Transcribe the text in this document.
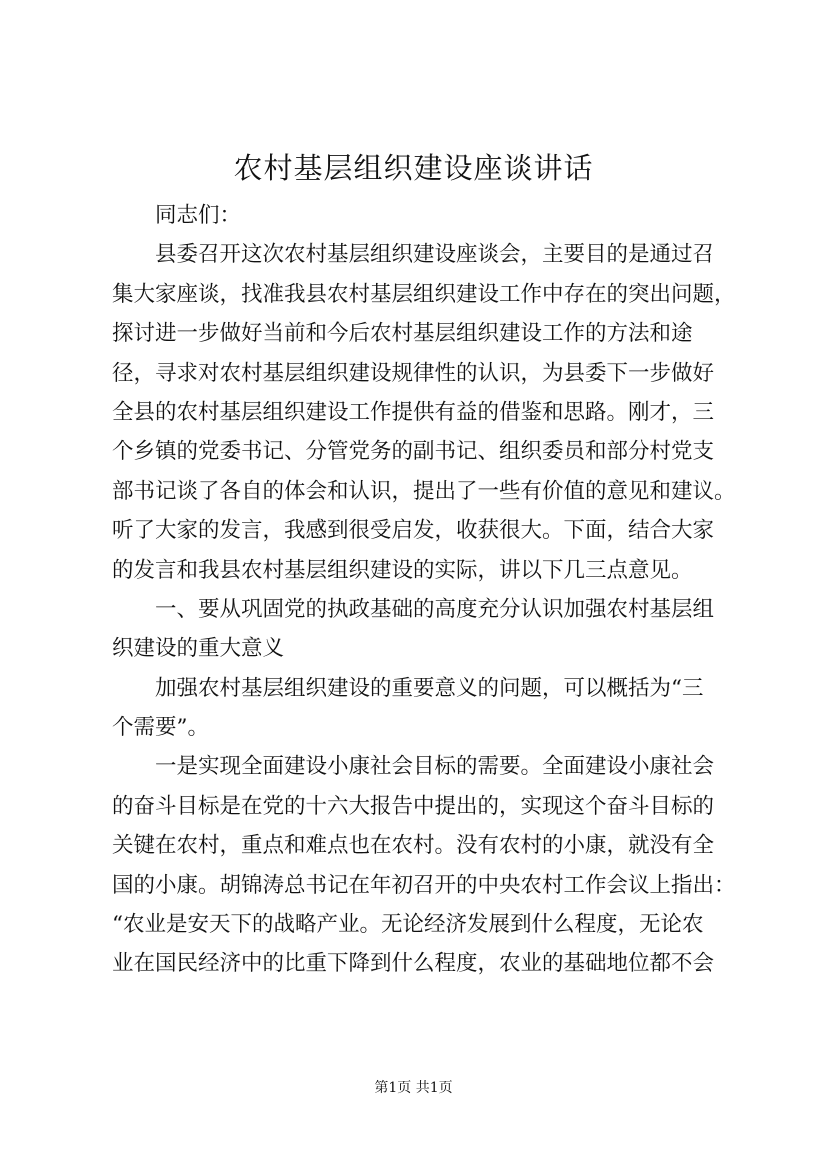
农村基层组织建设座谈讲话
同志们：
县委召开这次农村基层组织建设座谈会，主要目的是通过召
集大家座谈，找准我县农村基层组织建设工作中存在的突出问题，
探讨进一步做好当前和今后农村基层组织建设工作的方法和途
径，寻求对农村基层组织建设规律性的认识，为县委下一步做好
全县的农村基层组织建设工作提供有益的借鉴和思路。刚才，三
个乡镇的党委书记、分管党务的副书记、组织委员和部分村党支
部书记谈了各自的体会和认识，提出了一些有价值的意见和建议。
听了大家的发言，我感到很受启发，收获很大。下面，结合大家
的发言和我县农村基层组织建设的实际，讲以下几三点意见。
一、要从巩固党的执政基础的高度充分认识加强农村基层组
织建设的重大意义
加强农村基层组织建设的重要意义的问题，可以概括为“三
个需要”。
一是实现全面建设小康社会目标的需要。全面建设小康社会
的奋斗目标是在党的十六大报告中提出的，实现这个奋斗目标的
关键在农村，重点和难点也在农村。没有农村的小康，就没有全
国的小康。胡锦涛总书记在年初召开的中央农村工作会议上指出：
“农业是安天下的战略产业。无论经济发展到什么程度，无论农
业在国民经济中的比重下降到什么程度，农业的基础地位都不会
第1页 共1页
